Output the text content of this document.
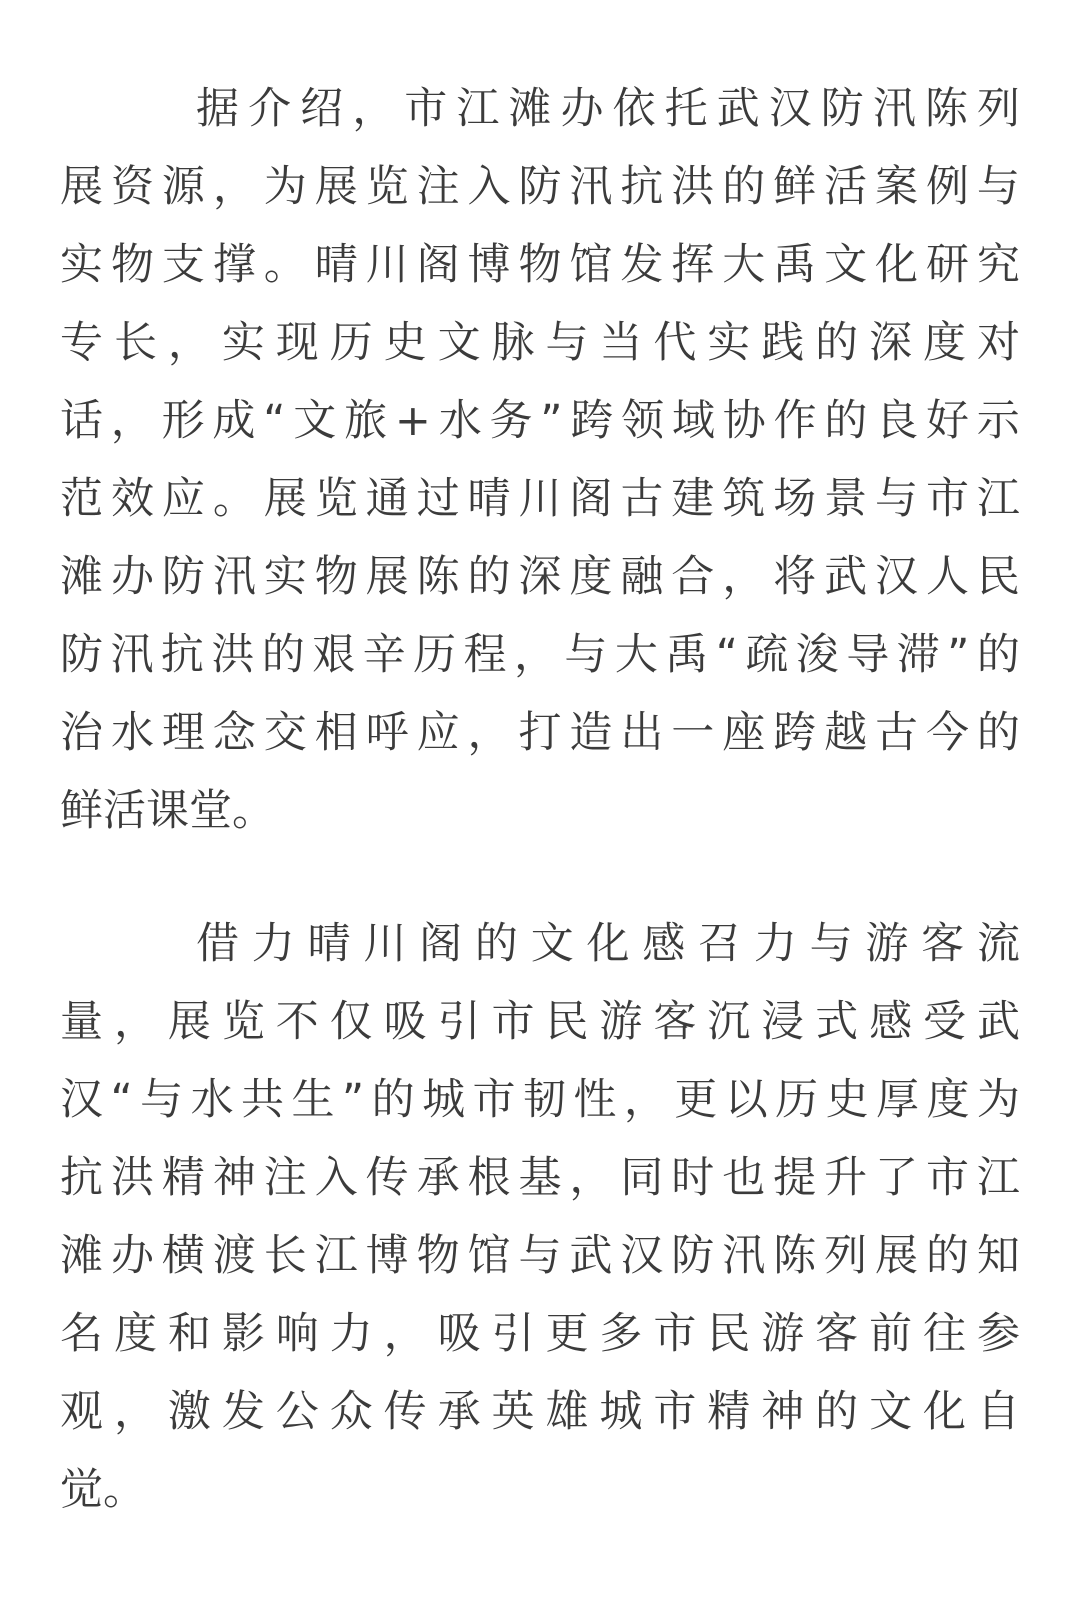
据 介 绍 ， 市 江 滩 办 依 托 武 汉 防 汛 陈 列
展 资 源 ， 为 展 览 注 入 防 汛 抗 洪 的 鲜 活 案 例 与
实 物 支 撑 。 晴 川 阁 博 物 馆 发 挥 大 禹 文 化 研 究
专 长 ， 实 现 历 史 文 脉 与 当 代 实 践 的 深 度 对
话 ， 形 成 “ 文 旅 + 水 务 ” 跨 领 域 协 作 的 良 好 示
范 效 应 。 展 览 通 过 晴 川 阁 古 建 筑 场 景 与 市 江
滩 办 防 汛 实 物 展 陈 的 深 度 融 合 ， 将 武 汉 人 民
防 汛 抗 洪 的 艰 辛 历 程 ， 与 大 禹 “ 疏 浚 导 滞 ” 的
治 水 理 念 交 相 呼 应 ， 打 造 出 一 座 跨 越 古 今 的
鲜活课堂。
借 力 晴 川 阁 的 文 化 感 召 力 与 游 客 流
量 ， 展 览 不 仅 吸 引 市 民 游 客 沉 浸 式 感 受 武
汉 “ 与 水 共 生 ” 的 城 市 韧 性 ， 更 以 历 史 厚 度 为
抗 洪 精 神 注 入 传 承 根 基 ， 同 时 也 提 升 了 市 江
滩 办 横 渡 长 江 博 物 馆 与 武 汉 防 汛 陈 列 展 的 知
名 度 和 影 响 力 ， 吸 引 更 多 市 民 游 客 前 往 参
观 ， 激 发 公 众 传 承 英 雄 城 市 精 神 的 文 化 自
觉。
